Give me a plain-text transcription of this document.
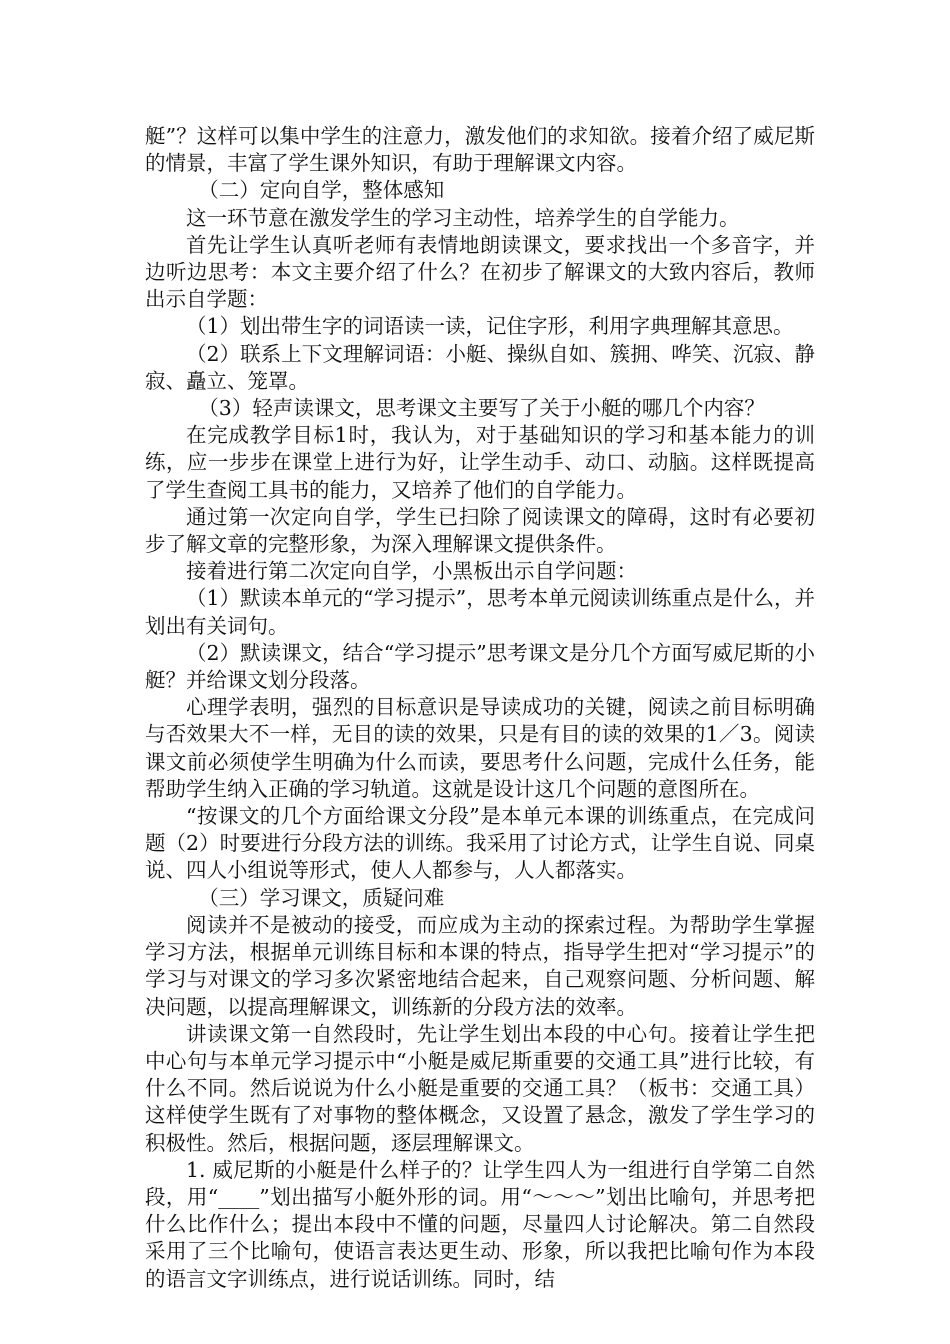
艇”？这样可以集中学生的注意力，激发他们的求知欲。接着介绍了威尼斯的情景，丰富了学生课外知识，有助于理解课文内容。

（二）定向自学，整体感知

这一环节意在激发学生的学习主动性，培养学生的自学能力。

首先让学生认真听老师有表情地朗读课文，要求找出一个多音字，并边听边思考：本文主要介绍了什么？在初步了解课文的大致内容后，教师出示自学题：

（1）划出带生字的词语读一读，记住字形，利用字典理解其意思。

（2）联系上下文理解词语：小艇、操纵自如、簇拥、哗笑、沉寂、静寂、矗立、笼罩。

（3）轻声读课文，思考课文主要写了关于小艇的哪几个内容？

在完成教学目标1时，我认为，对于基础知识的学习和基本能力的训练，应一步步在课堂上进行为好，让学生动手、动口、动脑。这样既提高了学生查阅工具书的能力，又培养了他们的自学能力。

通过第一次定向自学，学生已扫除了阅读课文的障碍，这时有必要初步了解文章的完整形象，为深入理解课文提供条件。

接着进行第二次定向自学，小黑板出示自学问题：

（1）默读本单元的“学习提示”，思考本单元阅读训练重点是什么，并划出有关词句。

（2）默读课文，结合“学习提示”思考课文是分几个方面写威尼斯的小艇？并给课文划分段落。

心理学表明，强烈的目标意识是导读成功的关键，阅读之前目标明确与否效果大不一样，无目的读的效果，只是有目的读的效果的1／3。阅读课文前必须使学生明确为什么而读，要思考什么问题，完成什么任务，能帮助学生纳入正确的学习轨道。这就是设计这几个问题的意图所在。

“按课文的几个方面给课文分段”是本单元本课的训练重点，在完成问题（2）时要进行分段方法的训练。我采用了讨论方式，让学生自说、同桌说、四人小组说等形式，使人人都参与，人人都落实。

（三）学习课文，质疑问难

阅读并不是被动的接受，而应成为主动的探索过程。为帮助学生掌握学习方法，根据单元训练目标和本课的特点，指导学生把对“学习提示”的学习与对课文的学习多次紧密地结合起来，自己观察问题、分析问题、解决问题，以提高理解课文，训练新的分段方法的效率。

讲读课文第一自然段时，先让学生划出本段的中心句。接着让学生把中心句与本单元学习提示中“小艇是威尼斯重要的交通工具”进行比较，有什么不同。然后说说为什么小艇是重要的交通工具？（板书：交通工具）这样使学生既有了对事物的整体概念，又设置了悬念，激发了学生学习的积极性。然后，根据问题，逐层理解课文。

1. 威尼斯的小艇是什么样子的？让学生四人为一组进行自学第二自然段，用“____”划出描写小艇外形的词。用“～～～”划出比喻句，并思考把什么比作什么；提出本段中不懂的问题，尽量四人讨论解决。第二自然段采用了三个比喻句，使语言表达更生动、形象，所以我把比喻句作为本段的语言文字训练点，进行说话训练。同时，结
